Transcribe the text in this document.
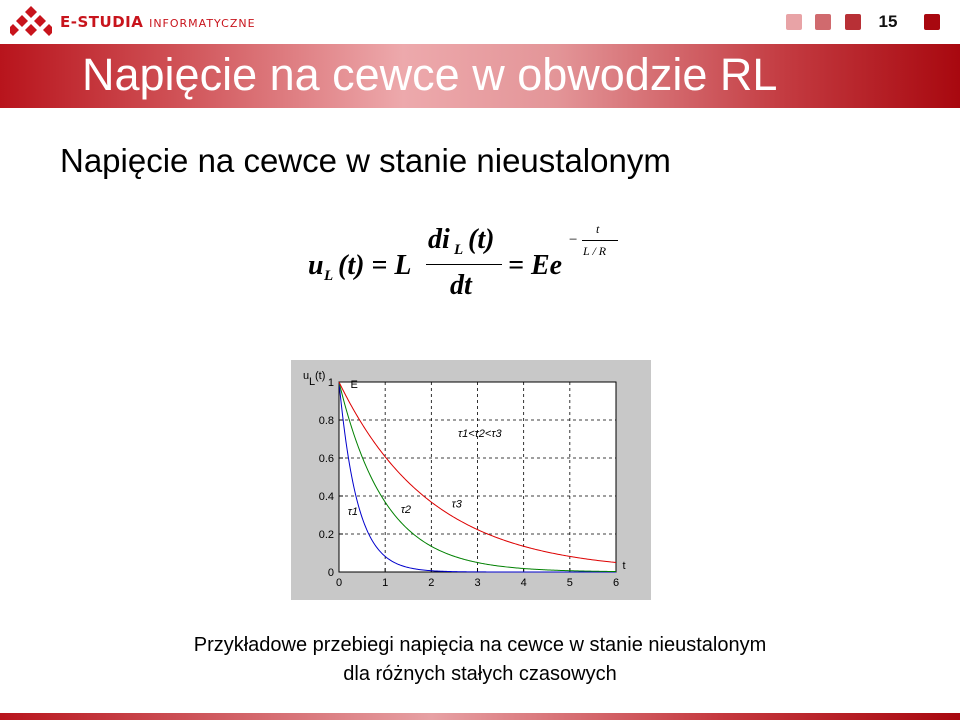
E-STUDIA INFORMATYCZNE	15
Napięcie na cewce w obwodzie RL
Napięcie na cewce w stanie nieustalonym
u L (t) = L
di L (t)
dt
= Ee
−
t
L / R
0	1	2	3	4	5	6
0
0.2
0.4
0.6
0.8
1
τ1	τ2	τ3
E
τ1<τ2<τ3
u L (t)
t
Przykładowe przebiegi napięcia na cewce w stanie nieustalonym
dla różnych stałych czasowych
